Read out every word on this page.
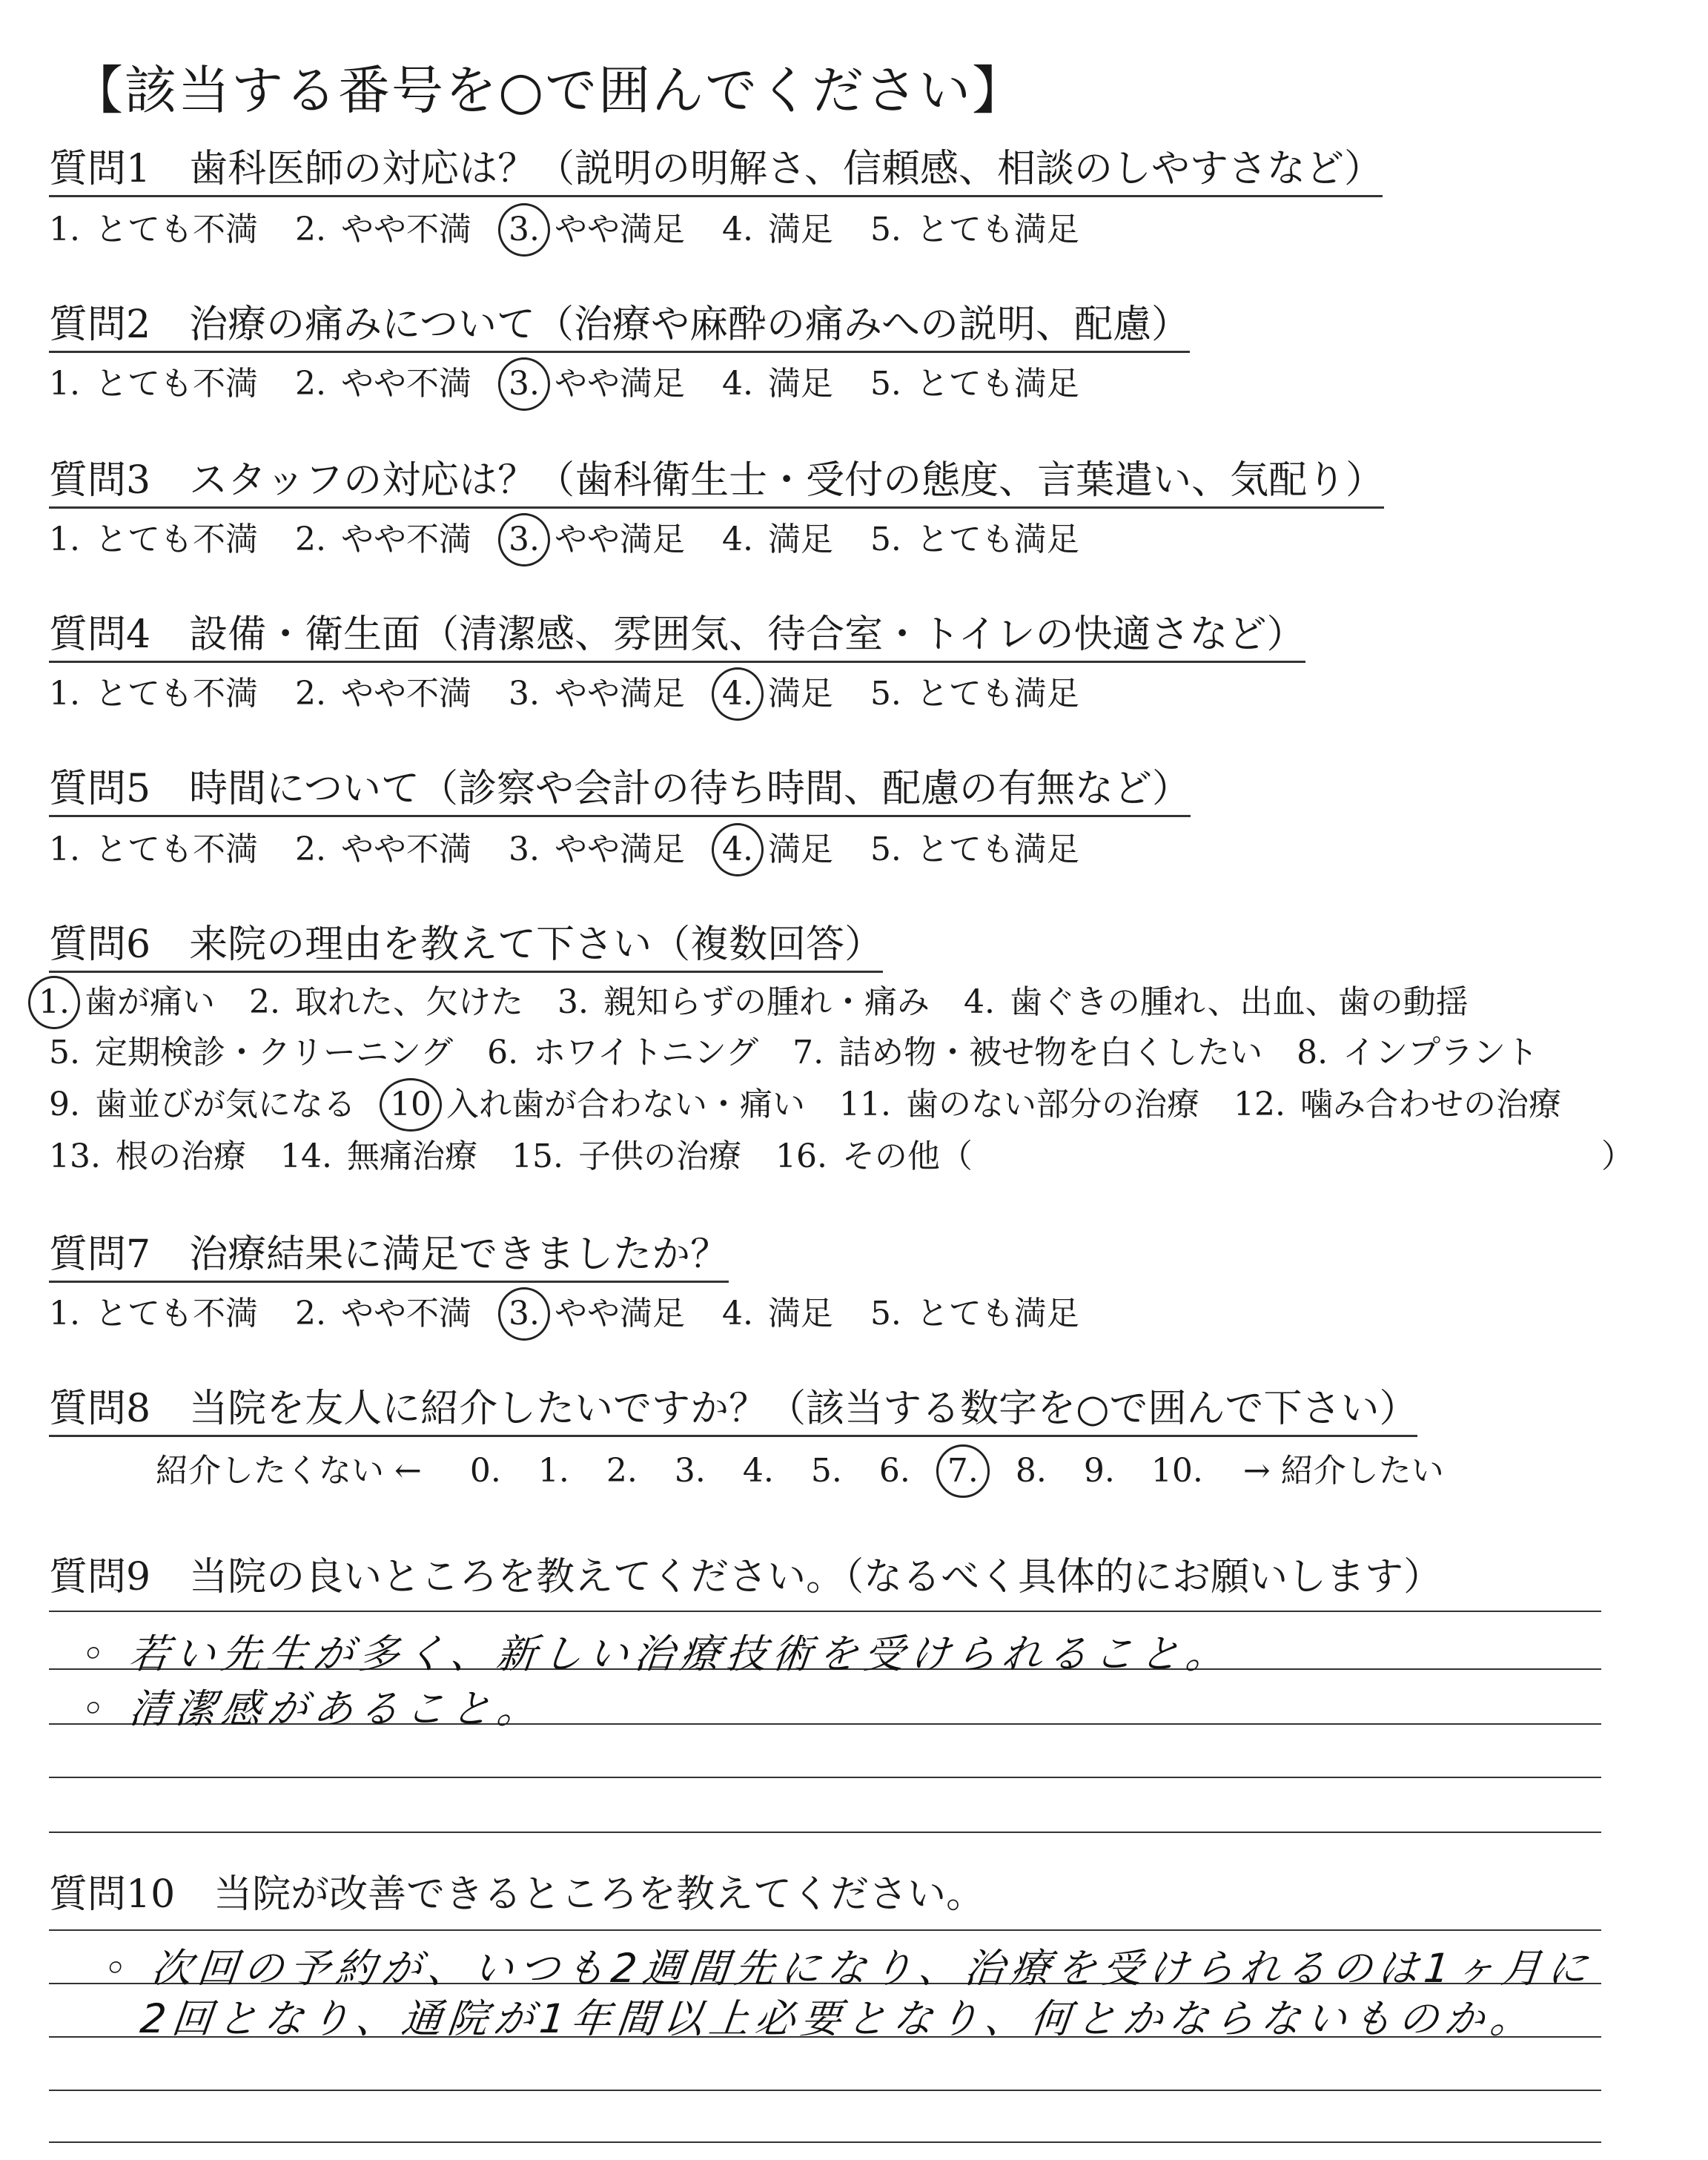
【該当する番号を○で囲んでください】
質問1　歯科医師の対応は？（説明の明解さ、信頼感、相談のしやすさなど）
1. とても不満 2. やや不満 3. やや満足 4. 満足 5. とても満足
質問2　治療の痛みについて（治療や麻酔の痛みへの説明、配慮）
1. とても不満 2. やや不満 3. やや満足 4. 満足 5. とても満足
質問3　スタッフの対応は？（歯科衛生士・受付の態度、言葉遣い、気配り）
1. とても不満 2. やや不満 3. やや満足 4. 満足 5. とても満足
質問4　設備・衛生面（清潔感、雰囲気、待合室・トイレの快適さなど）
1. とても不満 2. やや不満 3. やや満足 4. 満足 5. とても満足
質問5　時間について（診察や会計の待ち時間、配慮の有無など）
1. とても不満 2. やや不満 3. やや満足 4. 満足 5. とても満足
質問6　来院の理由を教えて下さい（複数回答）
1. 歯が痛い 2. 取れた、欠けた 3. 親知らずの腫れ・痛み 4. 歯ぐきの腫れ、出血、歯の動揺
5. 定期検診・クリーニング 6. ホワイトニング 7. 詰め物・被せ物を白くしたい 8. インプラント
9. 歯並びが気になる 10 入れ歯が合わない・痛い 11. 歯のない部分の治療 12. 噛み合わせの治療
13. 根の治療 14. 無痛治療 15. 子供の治療 16. その他（	）
質問7　治療結果に満足できましたか？
1. とても不満 2. やや不満 3. やや満足 4. 満足 5. とても満足
質問8　当院を友人に紹介したいですか？（該当する数字を○で囲んで下さい）
紹介したくない ← 0. 1. 2. 3. 4. 5. 6. 7. 8. 9. 10. → 紹介したい
質問9　当院の良いところを教えてください。（なるべく具体的にお願いします）
◦ 若い先生が多く、新しい治療技術を受けられること。
◦ 清潔感があること。
質問10　当院が改善できるところを教えてください。
◦ 次回の予約が、いつも2週間先になり、治療を受けられるのは1ヶ月に
2回となり、通院が1年間以上必要となり、何とかならないものか。
